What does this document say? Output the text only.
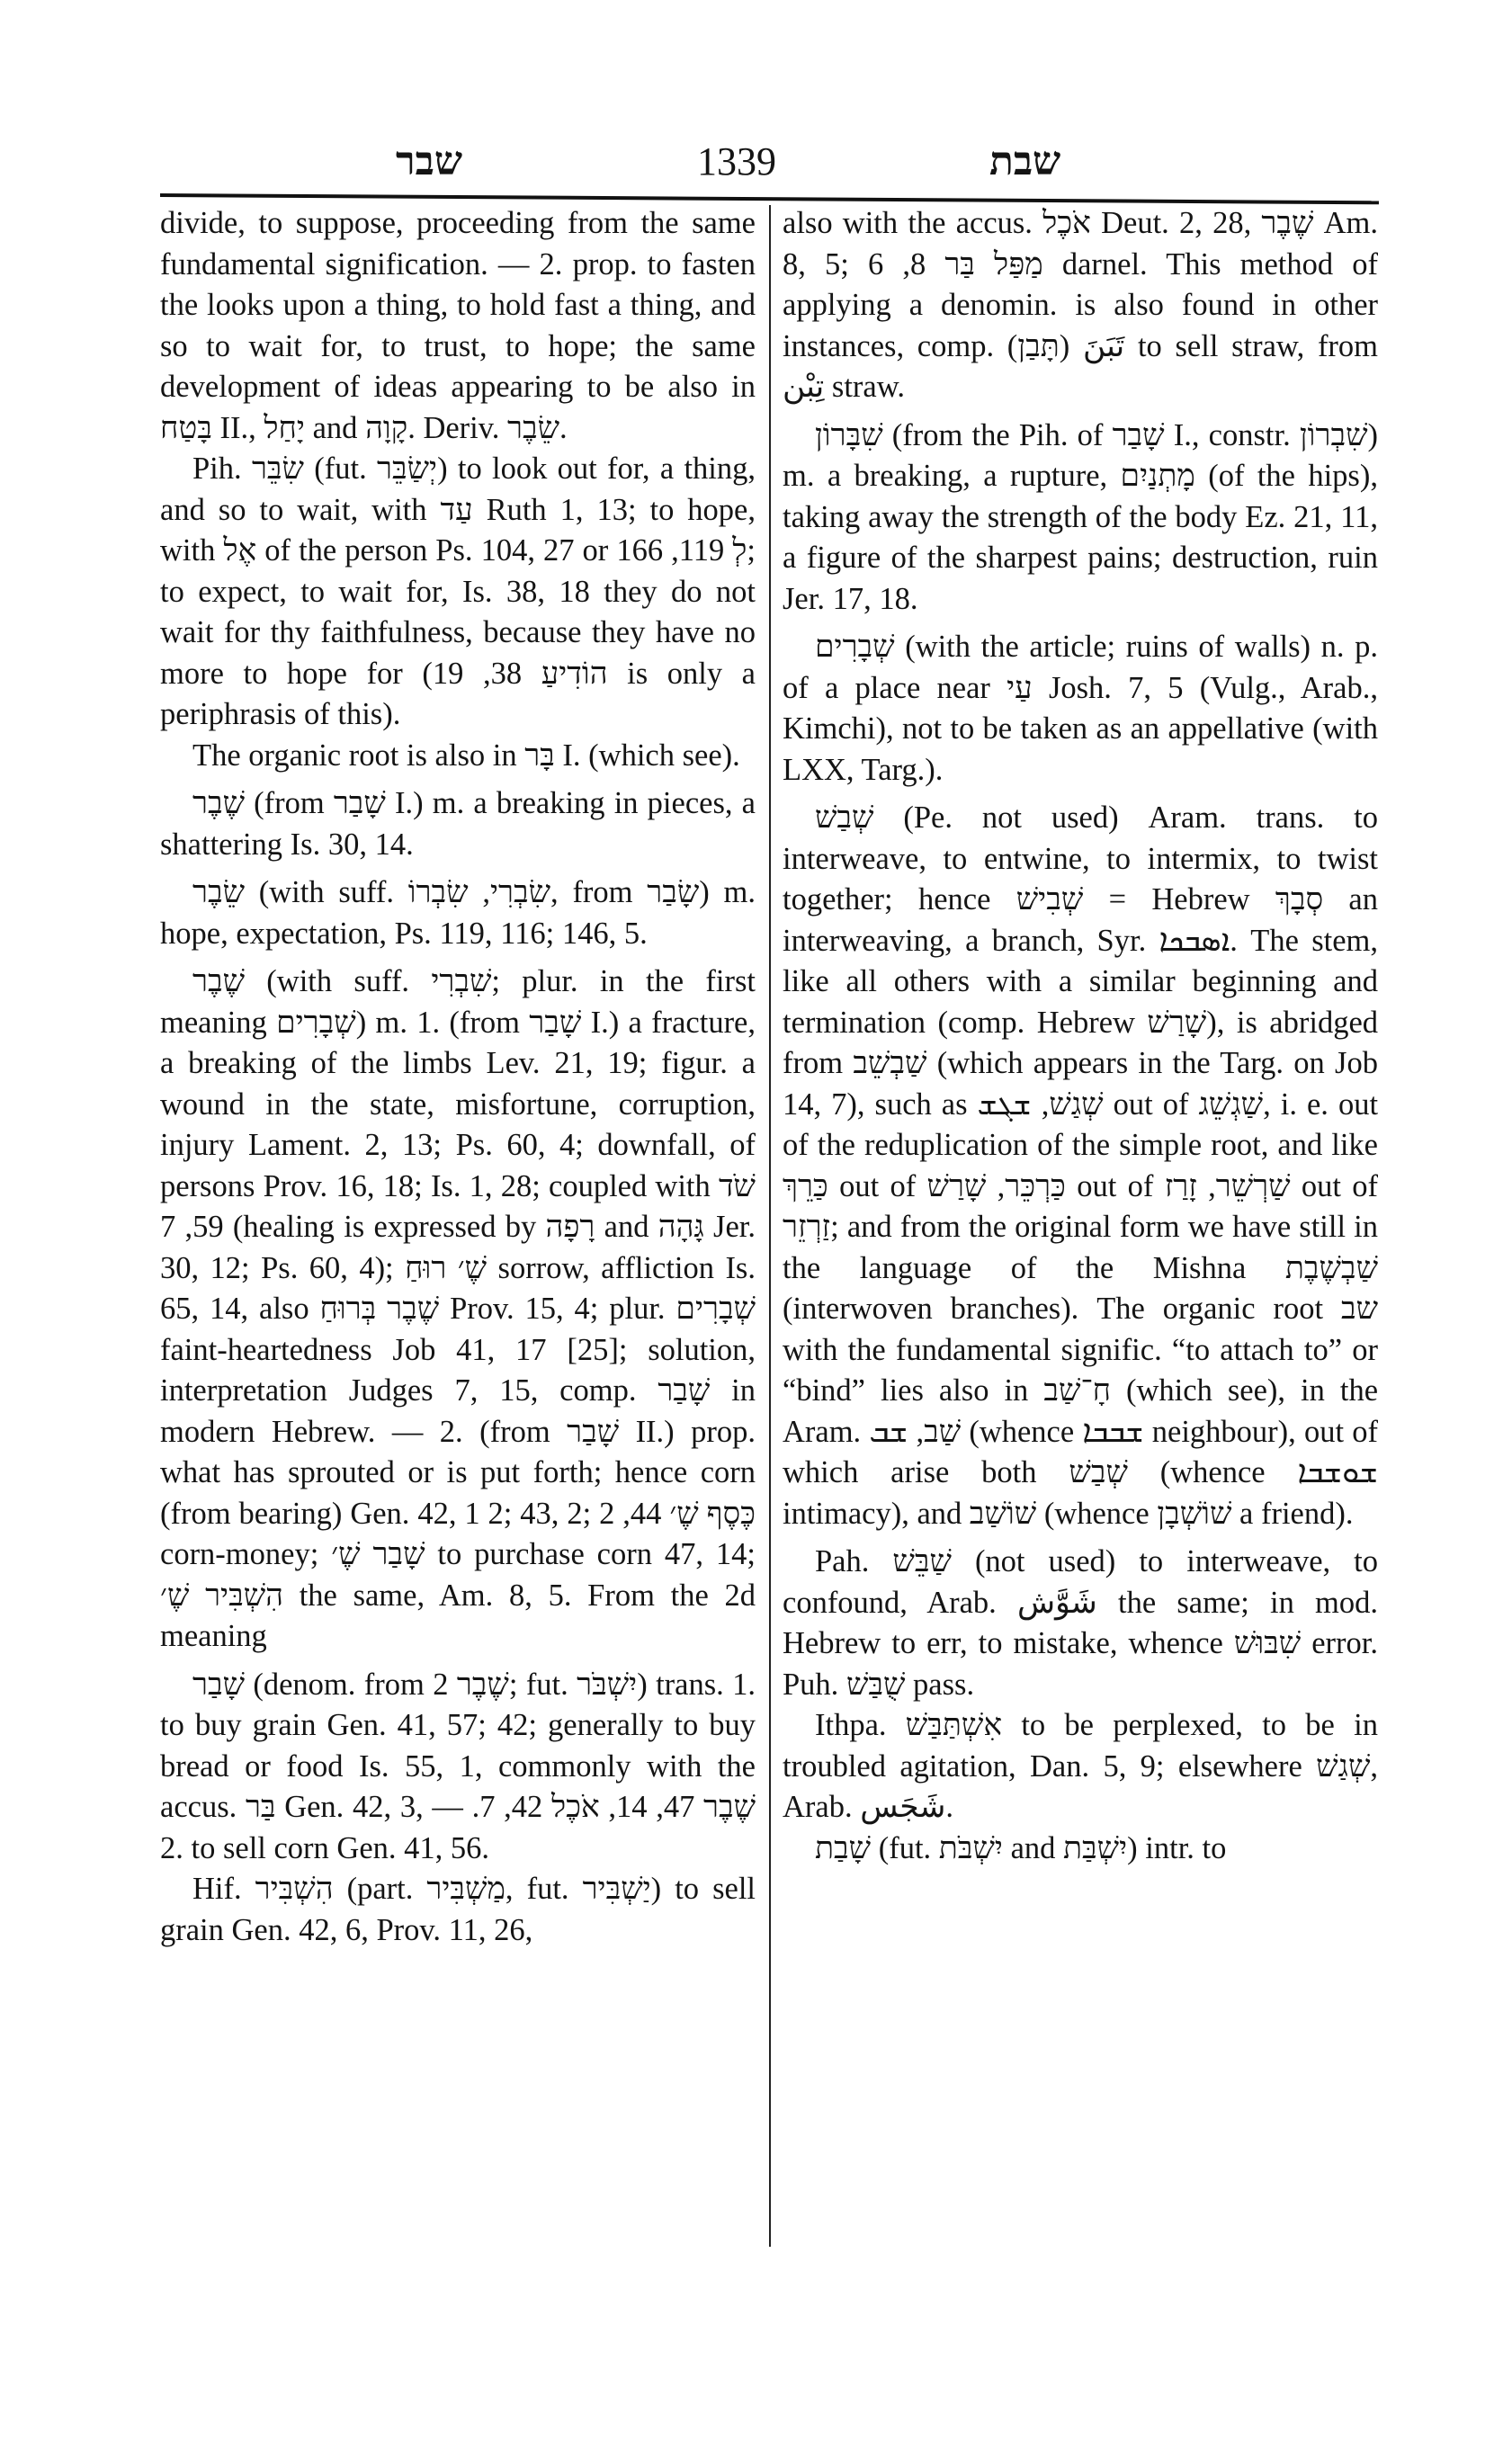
שבר	1339	שבת

divide, to suppose, proceeding from the same fundamental signification. — 2. prop. to fasten the looks upon a thing, to hold fast a thing, and so to wait for, to trust, to hope; the same development of ideas appearing to be also in בָּטַח II., יָחַל and קָוָה. Deriv. שֵׂבֶר.

Pih. שִׂבֵּר (fut. יְשַׂבֵּר) to look out for, a thing, and so to wait, with עַד Ruth 1, 13; to hope, with אֶל of the person Ps. 104, 27 or לְ 119, 166; to expect, to wait for, Is. 38, 18 they do not wait for thy faithfulness, because they have no more to hope for (הוֹדִיעַ 38, 19 is only a periphrasis of this).

The organic root is also in בָּר I. (which see).

שֶׁבֶר (from שָׁבַר I.) m. a breaking in pieces, a shattering Is. 30, 14.

שֵׂבֶר (with suff. שִׂבְרִי, שִׂבְרוֹ, from שָׂבַר) m. hope, expectation, Ps. 119, 116; 146, 5.

שֶׁבֶר (with suff. שִׁבְרִי; plur. in the first meaning שְׁבָרִים) m. 1. (from שָׁבַר I.) a fracture, a breaking of the limbs Lev. 21, 19; figur. a wound in the state, misfortune, corruption, injury Lament. 2, 13; Ps. 60, 4; downfall, of persons Prov. 16, 18; Is. 1, 28; coupled with שֹׁד 59, 7 (healing is expressed by רָפָה and גָּהָה Jer. 30, 12; Ps. 60, 4); שֶׁ׳ רוּחַ sorrow, affliction Is. 65, 14, also שֶׁבֶר בְּרוּחַ Prov. 15, 4; plur. שְׁבָרִים faint-heartedness Job 41, 17 [25]; solution, interpretation Judges 7, 15, comp. שָׁבַר in modern Hebrew. — 2. (from שָׁבַר II.) prop. what has sprouted or is put forth; hence corn (from bearing) Gen. 42, 1 2; 43, 2; כֶּסֶף שֶׁ׳ 44, 2 corn-money; שָׁבַר שֶׁ׳ to purchase corn 47, 14; הִשְׁבִּיר שֶׁ׳ the same, Am. 8, 5. From the 2d meaning

שָׁבַר (denom. from שֶׁבֶר 2; fut. יִשְׁבֹּר) trans. 1. to buy grain Gen. 41, 57; 42; generally to buy bread or food Is. 55, 1, commonly with the accus. בַּר Gen. 42, 3, שֶׁבֶר 47, 14, אֹכֶל 42, 7. — 2. to sell corn Gen. 41, 56.

Hif. הִשְׁבִּיר (part. מַשְׁבִּיר, fut. יַשְׁבִּיר) to sell grain Gen. 42, 6, Prov. 11, 26,

also with the accus. אֹכֶל Deut. 2, 28, שֶׁבֶר Am. 8, 5; מַפַּל בַּר 8, 6 darnel. This method of applying a denomin. is also found in other instances, comp. تَبَنَ (תָּבַן) to sell straw, from تِبْن straw.

שִׁבָּרוֹן (from the Pih. of שָׁבַר I., constr. שִׁבְרוֹן) m. a breaking, a rupture, מָתְנַיִם (of the hips), taking away the strength of the body Ez. 21, 11, a figure of the sharpest pains; destruction, ruin Jer. 17, 18.

שְׁבָרִים (with the article; ruins of walls) n. p. of a place near עַי Josh. 7, 5 (Vulg., Arab., Kimchi), not to be taken as an appellative (with LXX, Targ.).

שְׁבַשׁ (Pe. not used) Aram. trans. to interweave, to entwine, to intermix, to twist together; hence שְׁבִישׁ = Hebrew סְבָךְ an interweaving, a branch, Syr. ܐܣܒܟܐ. The stem, like all others with a similar beginning and termination (comp. Hebrew שָׁרַשׁ), is abridged from שַׁבְשֵׁב (which appears in the Targ. on Job 14, 7), such as שְׁגַשׁ, ܫܓܫ out of שַׁגְשֵׁג, i. e. out of the reduplication of the simple root, and like כַּרֵךְ out of כַּרְכֵּר, שָׁרַשׁ out of שַׁרְשֵׁר, זָרַז out of זַרְזֵר; and from the original form we have still in the language of the Mishna שַׁבְשֶׁבֶת (interwoven branches). The organic root שב with the fundamental signific. “to attach to” or “bind” lies also in חָ־שַׁב (which see), in the Aram. שַׁב, ܫܒ (whence ܫܒܒܐ neighbour), out of which arise both שְׁבַשׁ (whence ܫܘܫܒܐ intimacy), and שׁוֹשַׁב (whence שׁוֹשְׁבָן a friend).

Pah. שַׁבֵּשׁ (not used) to interweave, to confound, Arab. شَوَّش the same; in mod. Hebrew to err, to mistake, whence שִׁבּוּשׁ error. Puh. שֻׁבַּשׁ pass.

Ithpa. אִשְׁתַּבַּשׁ to be perplexed, to be in troubled agitation, Dan. 5, 9; elsewhere שְׁגַשׁ, Arab. شَجَس.

שָׁבַת (fut. יִשְׁבֹּת and יִשְׁבַּת) intr. to
